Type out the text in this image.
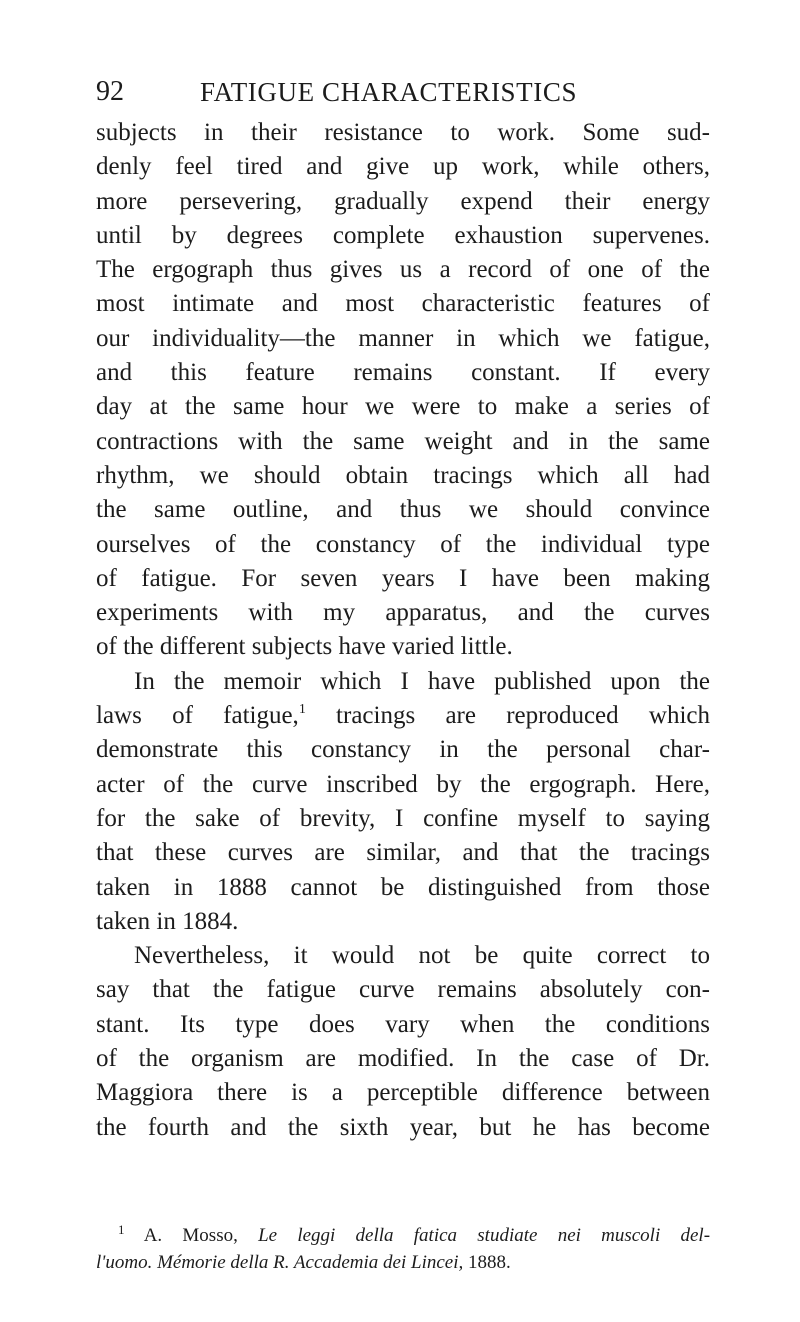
92	FATIGUE CHARACTERISTICS
subjects in their resistance to work. Some sud-
denly feel tired and give up work, while others,
more persevering, gradually expend their energy
until by degrees complete exhaustion supervenes.
The ergograph thus gives us a record of one of the
most intimate and most characteristic features of
our individuality—the manner in which we fatigue,
and this feature remains constant. If every
day at the same hour we were to make a series of
contractions with the same weight and in the same
rhythm, we should obtain tracings which all had
the same outline, and thus we should convince
ourselves of the constancy of the individual type
of fatigue. For seven years I have been making
experiments with my apparatus, and the curves
of the different subjects have varied little.
In the memoir which I have published upon the
laws of fatigue,$^1$ tracings are reproduced which
demonstrate this constancy in the personal char-
acter of the curve inscribed by the ergograph. Here,
for the sake of brevity, I confine myself to saying
that these curves are similar, and that the tracings
taken in 1888 cannot be distinguished from those
taken in 1884.
Nevertheless, it would not be quite correct to
say that the fatigue curve remains absolutely con-
stant. Its type does vary when the conditions
of the organism are modified. In the case of Dr.
Maggiora there is a perceptible difference between
the fourth and the sixth year, but he has become
$^1$ A. Mosso, Le leggi della fatica studiate nei muscoli del-
l'uomo. Mémorie della R. Accademia dei Lincei, 1888.
